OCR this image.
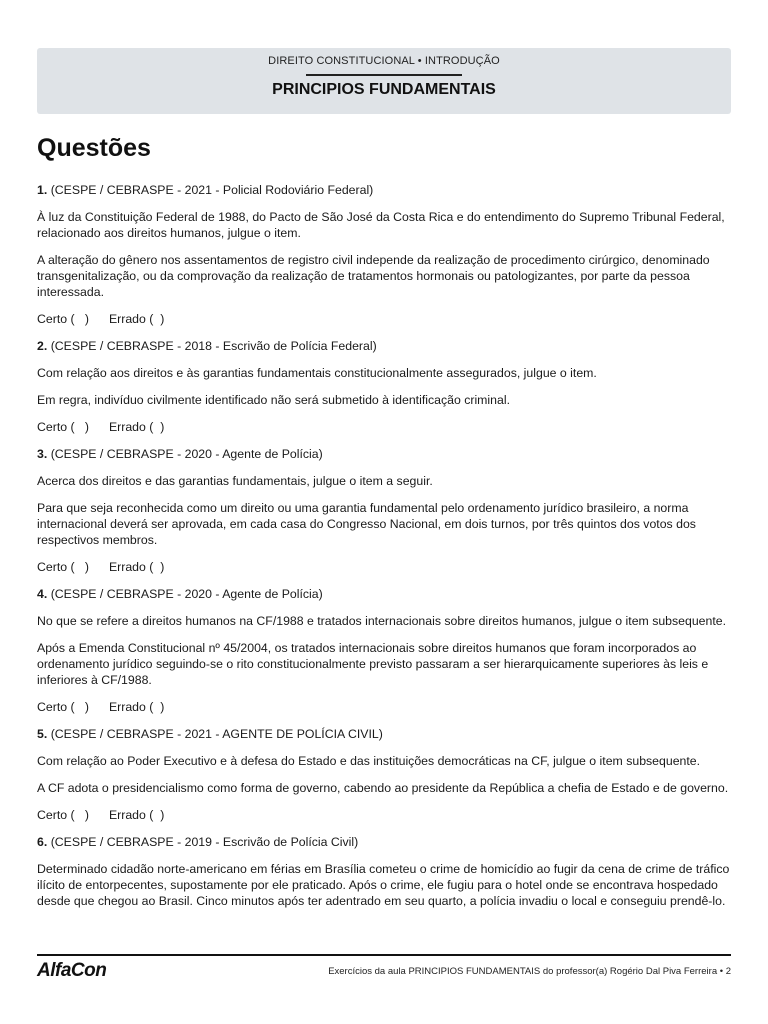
DIREITO CONSTITUCIONAL • INTRODUÇÃO
PRINCIPIOS FUNDAMENTAIS
Questões

1. (CESPE / CEBRASPE - 2021 - Policial Rodoviário Federal)

À luz da Constituição Federal de 1988, do Pacto de São José da Costa Rica e do entendimento do Supremo Tribunal Federal, relacionado aos direitos humanos, julgue o item.

A alteração do gênero nos assentamentos de registro civil independe da realização de procedimento cirúrgico, denominado transgenitalização, ou da comprovação da realização de tratamentos hormonais ou patologizantes, por parte da pessoa interessada.

Certo (   ) Errado (  )

2. (CESPE / CEBRASPE - 2018 - Escrivão de Polícia Federal)

Com relação aos direitos e às garantias fundamentais constitucionalmente assegurados, julgue o item.

Em regra, indivíduo civilmente identificado não será submetido à identificação criminal.

Certo (   ) Errado (  )

3. (CESPE / CEBRASPE - 2020 - Agente de Polícia)

Acerca dos direitos e das garantias fundamentais, julgue o item a seguir.

Para que seja reconhecida como um direito ou uma garantia fundamental pelo ordenamento jurídico brasileiro, a norma internacional deverá ser aprovada, em cada casa do Congresso Nacional, em dois turnos, por três quintos dos votos dos respectivos membros.

Certo (   ) Errado (  )

4. (CESPE / CEBRASPE - 2020 - Agente de Polícia)

No que se refere a direitos humanos na CF/1988 e tratados internacionais sobre direitos humanos, julgue o item subsequente.

Após a Emenda Constitucional nº 45/2004, os tratados internacionais sobre direitos humanos que foram incorporados ao ordenamento jurídico seguindo-se o rito constitucionalmente previsto passaram a ser hierarquicamente superiores às leis e inferiores à CF/1988.

Certo (   ) Errado (  )

5. (CESPE / CEBRASPE - 2021 - AGENTE DE POLÍCIA CIVIL)

Com relação ao Poder Executivo e à defesa do Estado e das instituições democráticas na CF, julgue o item subsequente.

A CF adota o presidencialismo como forma de governo, cabendo ao presidente da República a chefia de Estado e de governo.

Certo (   ) Errado (  )

6. (CESPE / CEBRASPE - 2019 - Escrivão de Polícia Civil)

Determinado cidadão norte-americano em férias em Brasília cometeu o crime de homicídio ao fugir da cena de crime de tráfico ilícito de entorpecentes, supostamente por ele praticado. Após o crime, ele fugiu para o hotel onde se encontrava hospedado desde que chegou ao Brasil. Cinco minutos após ter adentrado em seu quarto, a polícia invadiu o local e conseguiu prendê-lo.

AlfaCon	Exercícios da aula PRINCIPIOS FUNDAMENTAIS do professor(a) Rogério Dal Piva Ferreira • 2
